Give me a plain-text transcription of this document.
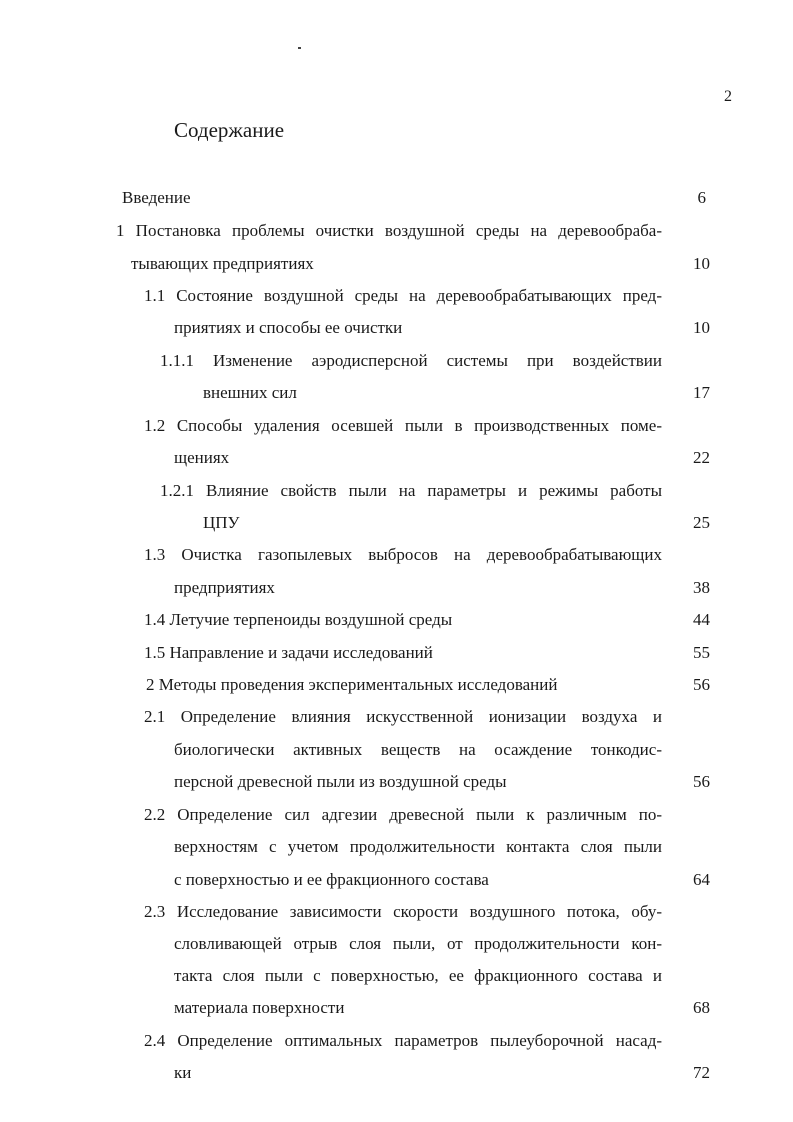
2
Содержание
Введение	6
1 Постановка проблемы очистки воздушной среды на деревообраба-
тывающих предприятиях	10
1.1 Состояние воздушной среды на деревообрабатывающих пред-
приятиях и способы ее очистки	10
1.1.1 Изменение аэродисперсной системы при воздействии
внешних сил	17
1.2 Способы удаления осевшей пыли в производственных поме-
щениях	22
1.2.1 Влияние свойств пыли на параметры и режимы работы
ЦПУ	25
1.3 Очистка газопылевых выбросов на деревообрабатывающих
предприятиях	38
1.4 Летучие терпеноиды воздушной среды	44
1.5 Направление и задачи исследований	55
2 Методы проведения экспериментальных исследований	56
2.1 Определение влияния искусственной ионизации воздуха и
биологически активных веществ на осаждение тонкодис-
персной древесной пыли из воздушной среды	56
2.2 Определение сил адгезии древесной пыли к различным по-
верхностям с учетом продолжительности контакта слоя пыли
с поверхностью и ее фракционного состава	64
2.3 Исследование зависимости скорости воздушного потока, обу-
словливающей отрыв слоя пыли, от продолжительности кон-
такта слоя пыли с поверхностью, ее фракционного состава и
материала поверхности	68
2.4 Определение оптимальных параметров пылеуборочной насад-
ки	72
